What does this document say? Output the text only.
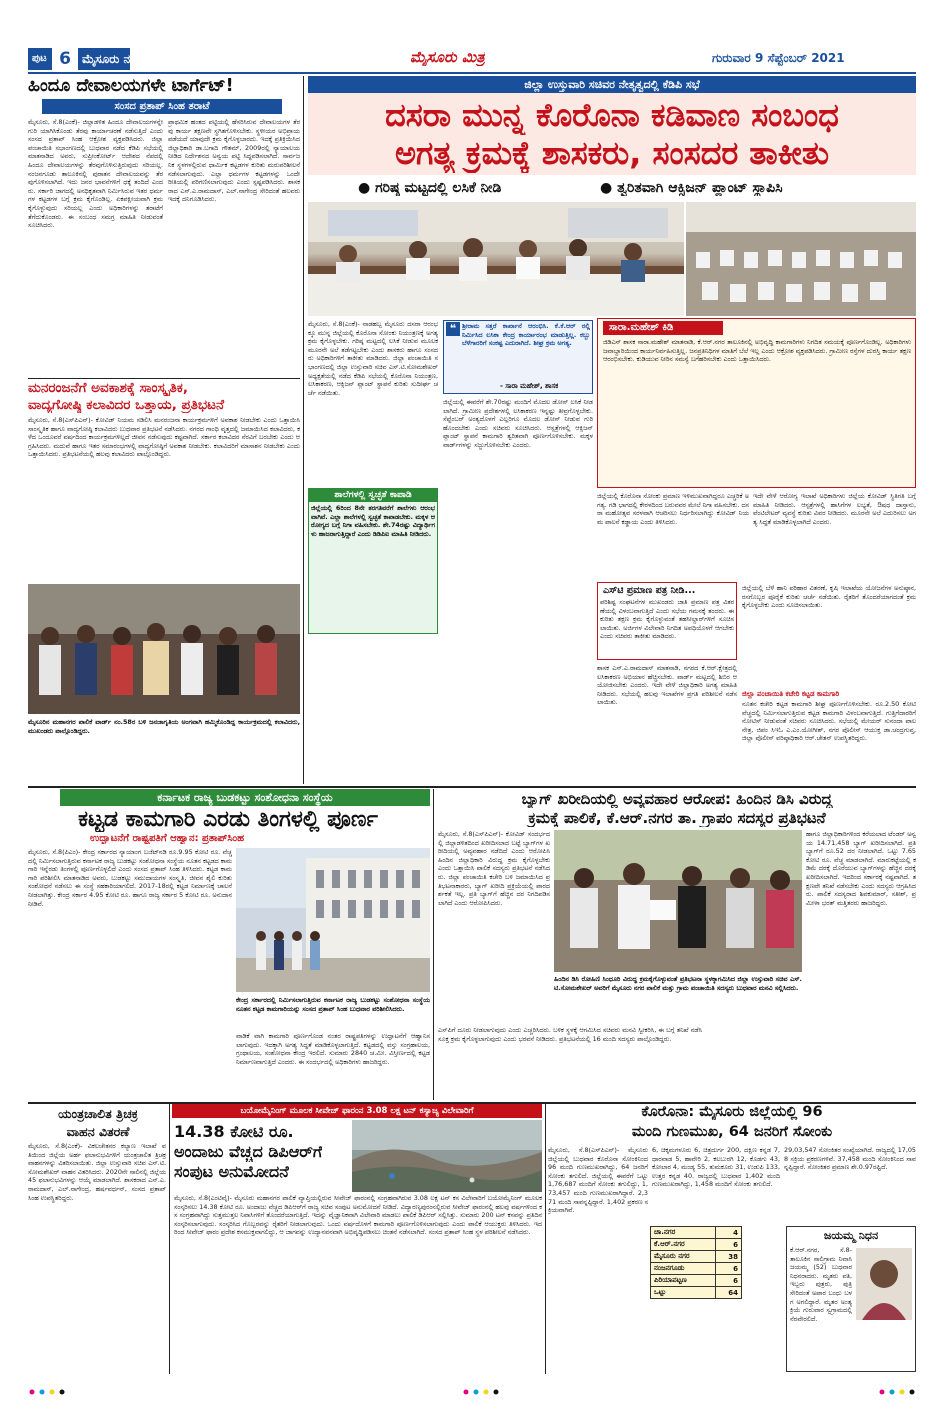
ಪುಟ 6 ಮೈಸೂರು ನಗರ	ಮೈಸೂರು ಮಿತ್ರ	ಗುರುವಾರ 9 ಸೆಪ್ಟೆಂಬರ್ 2021
ಹಿಂದೂ ದೇವಾಲಯಗಳೇ ಟಾರ್ಗೆಟ್!
ಸಂಸದ ಪ್ರತಾಪ್ ಸಿಂಹ ತರಾಟೆ
ಮೈಸೂರು, ಸೆ.8(ಎಂಕೆ)- ಜಿಲ್ಲಾಡಳಿತ ಹಿಂದೂ ದೇವಾಲಯಗಳನ್ನೇ ಗುರಿ ಯಾಗಿಸಿಕೊಂಡು ತೆರವು ಕಾರ್ಯಾಚರಣೆ ನಡೆಸುತ್ತಿದೆ ಎಂದು ಸಂಸದ ಪ್ರತಾಪ್ ಸಿಂಹ ಆಕ್ರೋಶ ವ್ಯಕ್ತಪಡಿಸಿದರು. ಜಿಲ್ಲಾ ಪಂಚಾಯಿತಿ ಸಭಾಂಗಣದಲ್ಲಿ ಬುಧವಾರ ನಡೆದ ಕೆಡಿಪಿ ಸಭೆಯಲ್ಲಿ ಮಾತನಾಡಿದ ಅವರು, ಸುಪ್ರೀಂಕೋರ್ಟ್ ಆದೇಶದ ನೆಪದಲ್ಲಿ ಹಿಂದೂ ದೇವಾಲಯಗಳನ್ನು ತೆರವುಗೊಳಿಸುತ್ತಿರುವುದು ಸರಿಯಲ್ಲ. ನಂಜನಗೂಡು ತಾಲೂಕಿನಲ್ಲಿ ಪುರಾತನ ದೇವಾಲಯವನ್ನು ತೆರವುಗೊಳಿಸಲಾಗಿದೆ. ಇದು ಜನರ ಭಾವನೆಗಳಿಗೆ ಧಕ್ಕೆ ತಂದಿದೆ ಎಂದರು. ಸರ್ಕಾರಿ ಜಾಗದಲ್ಲಿ ಅನಧಿಕೃತವಾಗಿ ನಿರ್ಮಿಸಿರುವ ಇತರ ಧರ್ಮಗಳ ಕಟ್ಟಡಗಳ ಬಗ್ಗೆ ಕ್ರಮ ಕೈಗೊಂಡಿಲ್ಲ. ಏಕಪಕ್ಷೀಯವಾಗಿ ಕ್ರಮ ಕೈಗೊಳ್ಳುವುದು ಸರಿಯಲ್ಲ ಎಂದು ಅಧಿಕಾರಿಗಳನ್ನು ತರಾಟೆಗೆ ತೆಗೆದುಕೊಂಡರು. ಈ ಸಂಬಂಧ ಸಮಗ್ರ ಮಾಹಿತಿ ನೀಡುವಂತೆ ಸೂಚಿಸಿದರು.
ಪ್ರಾಥಮಿಕ ಹಂತದ ಪಟ್ಟಿಯಲ್ಲಿ ಹೆಸರಿಸಿರುವ ದೇವಾಲಯಗಳ ತೆರವು ಕಾರ್ಯ ತಕ್ಷಣವೇ ಸ್ಥಗಿತಗೊಳಿಸಬೇಕು. ಸ್ಥಳೀಯರ ಅಭಿಪ್ರಾಯ ಪಡೆಯದೆ ಯಾವುದೇ ಕ್ರಮ ಕೈಗೊಳ್ಳಬಾರದು. ಇದಕ್ಕೆ ಪ್ರತಿಕ್ರಿಯಿಸಿದ ಜಿಲ್ಲಾಧಿಕಾರಿ ಡಾ.ಬಗಾದಿ ಗೌತಮ್, 2009ರಲ್ಲಿ ನ್ಯಾಯಾಲಯ ನೀಡಿದ ನಿರ್ದೇಶನದ ಅನ್ವಯ ಪಟ್ಟಿ ಸಿದ್ಧಪಡಿಸಲಾಗಿದೆ. ಸಾರ್ವಜನಿಕ ಸ್ಥಳಗಳಲ್ಲಿರುವ ಧಾರ್ಮಿಕ ಕಟ್ಟಡಗಳ ಕುರಿತು ಮರುಪರಿಶೀಲನೆ ನಡೆಸಲಾಗುವುದು. ಎಲ್ಲಾ ಧರ್ಮಗಳ ಕಟ್ಟಡಗಳನ್ನು ಒಂದೇ ರೀತಿಯಲ್ಲಿ ಪರಿಗಣಿಸಲಾಗುವುದು ಎಂದು ಸ್ಪಷ್ಟಪಡಿಸಿದರು. ಶಾಸಕರಾದ ಎಸ್.ಎ.ರಾಮದಾಸ್, ಎಲ್.ನಾಗೇಂದ್ರ ಸೇರಿದಂತೆ ಹಲವರು ಇದಕ್ಕೆ ದನಿಗೂಡಿಸಿದರು.
ಜಿಲ್ಲಾ ಉಸ್ತುವಾರಿ ಸಚಿವರ ನೇತೃತ್ವದಲ್ಲಿ ಕೆಡಿಪಿ ಸಭೆ
ದಸರಾ ಮುನ್ನ ಕೊರೊನಾ ಕಡಿವಾಣ ಸಂಬಂಧ
ಅಗತ್ಯ ಕ್ರಮಕ್ಕೆ ಶಾಸಕರು, ಸಂಸದರ ತಾಕೀತು
● ಗರಿಷ್ಠ ಮಟ್ಟದಲ್ಲಿ ಲಸಿಕೆ ನೀಡಿ	● ತ್ವರಿತವಾಗಿ ಆಕ್ಸಿಜನ್ ಪ್ಲಾಂಟ್ ಸ್ಥಾಪಿಸಿ
ಮೈಸೂರು, ಸೆ.8(ಎಂಕೆ)- ನಾಡಹಬ್ಬ ಮೈಸೂರು ದಸರಾ ಆರಂಭಕ್ಕೂ ಮುನ್ನ ಜಿಲ್ಲೆಯಲ್ಲಿ ಕೊರೊನಾ ಸೋಂಕು ನಿಯಂತ್ರಣಕ್ಕೆ ಅಗತ್ಯ ಕ್ರಮ ಕೈಗೊಳ್ಳಬೇಕು. ಗರಿಷ್ಠ ಮಟ್ಟದಲ್ಲಿ ಲಸಿಕೆ ನೀಡುವ ಮೂಲಕ ಮೂರನೇ ಅಲೆ ತಡೆಗಟ್ಟಬೇಕು ಎಂದು ಶಾಸಕರು ಹಾಗೂ ಸಂಸದರು ಅಧಿಕಾರಿಗಳಿಗೆ ತಾಕೀತು ಮಾಡಿದರು. ಜಿಲ್ಲಾ ಪಂಚಾಯಿತಿ ಸಭಾಂಗಣದಲ್ಲಿ ಜಿಲ್ಲಾ ಉಸ್ತುವಾರಿ ಸಚಿವ ಎಸ್.ಟಿ.ಸೋಮಶೇಖರ್ ಅಧ್ಯಕ್ಷತೆಯಲ್ಲಿ ನಡೆದ ಕೆಡಿಪಿ ಸಭೆಯಲ್ಲಿ ಕೊರೊನಾ ನಿಯಂತ್ರಣ, ಲಸಿಕಾಕರಣ, ಆಕ್ಸಿಜನ್ ಪ್ಲಾಂಟ್ ಸ್ಥಾಪನೆ ಕುರಿತು ಸುದೀರ್ಘ ಚರ್ಚೆ ನಡೆಯಿತು.
ಜಿಲ್ಲೆಯಲ್ಲಿ ಈವರೆಗೆ ಶೇ.70ರಷ್ಟು ಮಂದಿಗೆ ಮೊದಲ ಡೋಸ್ ಲಸಿಕೆ ನೀಡಲಾಗಿದೆ. ಗ್ರಾಮೀಣ ಪ್ರದೇಶಗಳಲ್ಲಿ ಲಸಿಕಾಕರಣ ಇನ್ನಷ್ಟು ತೀವ್ರಗೊಳ್ಳಬೇಕು. ಸೆಪ್ಟೆಂಬರ್ ಅಂತ್ಯದೊಳಗೆ ಎಲ್ಲರಿಗೂ ಮೊದಲ ಡೋಸ್ ನೀಡುವ ಗುರಿ ಹೊಂದಬೇಕು ಎಂದು ಸಚಿವರು ಸೂಚಿಸಿದರು. ಆಸ್ಪತ್ರೆಗಳಲ್ಲಿ ಆಕ್ಸಿಜನ್ ಪ್ಲಾಂಟ್ ಸ್ಥಾಪನೆ ಕಾಮಗಾರಿ ತ್ವರಿತವಾಗಿ ಪೂರ್ಣಗೊಳಿಸಬೇಕು. ಮಕ್ಕಳ ವಾರ್ಡ್‌ಗಳನ್ನು ಸಜ್ಜುಗೊಳಿಸಬೇಕು ಎಂದರು.
❝ ಶ್ರೀರಾಮ ಸತ್ತರೆ ಕಾರ್ಖಾನೆ ಆರಂಭಿಸಿ. ಕೆ.ಕೆ.ಆರ್ ರಲ್ಲಿ ನಿರ್ಮಿಸಿದ ಲಸಿಕಾ ಕೇಂದ್ರ ಕಾರ್ಯಾರಂಭ ಮಾಡುತ್ತಿಲ್ಲ. ಕಬ್ಬು ಬೆಳೆಗಾರರಿಗೆ ಸಂಕಷ್ಟ ಎದುರಾಗಿದೆ. ಶೀಘ್ರ ಕ್ರಮ ಅಗತ್ಯ.
- ಸಾರಾ ಮಹೇಶ್, ಶಾಸಕ
ಸಾರಾ.ಮಹೇಶ್ ಕಿಡಿ
ಜಿಡಿಎಸ್ ಶಾಸಕ ಸಾರಾ.ಮಹೇಶ್ ಮಾತನಾಡಿ, ಕೆ.ಆರ್.ನಗರ ತಾಲೂಕಿನಲ್ಲಿ ಅಭಿವೃದ್ಧಿ ಕಾಮಗಾರಿಗಳು ನಿಗದಿತ ಸಮಯಕ್ಕೆ ಪೂರ್ಣಗೊಂಡಿಲ್ಲ. ಅಧಿಕಾರಿಗಳು ಜವಾಬ್ದಾರಿಯಿಂದ ಕಾರ್ಯನಿರ್ವಹಿಸುತ್ತಿಲ್ಲ. ಜನಪ್ರತಿನಿಧಿಗಳ ಮಾತಿಗೆ ಬೆಲೆ ಇಲ್ಲ ಎಂದು ಆಕ್ರೋಶ ವ್ಯಕ್ತಪಡಿಸಿದರು. ಗ್ರಾಮೀಣ ರಸ್ತೆಗಳ ದುರಸ್ತಿ ಕಾರ್ಯ ತಕ್ಷಣ ಆರಂಭಿಸಬೇಕು. ಕುಡಿಯುವ ನೀರಿನ ಸಮಸ್ಯೆ ಬಗೆಹರಿಸಬೇಕು ಎಂದು ಒತ್ತಾಯಿಸಿದರು.
ಶಾಲೆಗಳಲ್ಲಿ ಸ್ವಚ್ಛತೆ ಕಾಪಾಡಿ
ಜಿಲ್ಲೆಯಲ್ಲಿ 6ರಿಂದ 8ನೇ ತರಗತಿವರೆಗೆ ಶಾಲೆಗಳು ಆರಂಭವಾಗಿವೆ. ಎಲ್ಲಾ ಶಾಲೆಗಳಲ್ಲಿ ಸ್ವಚ್ಛತೆ ಕಾಪಾಡಬೇಕು. ಮಕ್ಕಳ ಆರೋಗ್ಯದ ಬಗ್ಗೆ ನಿಗಾ ವಹಿಸಬೇಕು. ಶೇ.74ರಷ್ಟು ವಿದ್ಯಾರ್ಥಿಗಳು ಹಾಜರಾಗುತ್ತಿದ್ದಾರೆ ಎಂದು ಡಿಡಿಪಿಐ ಮಾಹಿತಿ ನೀಡಿದರು.
ಜಿಲ್ಲೆಯಲ್ಲಿ ಕೊರೊನಾ ಸೋಂಕು ಪ್ರಮಾಣ ಇಳಿಮುಖವಾಗಿದ್ದರೂ ಎಚ್ಚರಿಕೆ ಅಗತ್ಯ. ಗಡಿ ಭಾಗದಲ್ಲಿ ಕೇರಳದಿಂದ ಬರುವವರ ಮೇಲೆ ನಿಗಾ ವಹಿಸಬೇಕು. ದಸರಾ ಮಹೋತ್ಸವ ಸರಳವಾಗಿ ಆಚರಿಸಲು ನಿರ್ಧರಿಸಲಾಗಿದ್ದು ಕೋವಿಡ್ ನಿಯಮ ಪಾಲನೆ ಕಡ್ಡಾಯ ಎಂದು ತಿಳಿಸಿದರು.
ಇದೇ ವೇಳೆ ಆರೋಗ್ಯ ಇಲಾಖೆ ಅಧಿಕಾರಿಗಳು ಜಿಲ್ಲೆಯ ಕೋವಿಡ್ ಸ್ಥಿತಿಗತಿ ಬಗ್ಗೆ ಮಾಹಿತಿ ನೀಡಿದರು. ಆಸ್ಪತ್ರೆಗಳಲ್ಲಿ ಹಾಸಿಗೆಗಳ ಲಭ್ಯತೆ, ಔಷಧ ದಾಸ್ತಾನು, ವೆಂಟಿಲೇಟರ್ ವ್ಯವಸ್ಥೆ ಕುರಿತು ವಿವರ ನೀಡಿದರು. ಮೂರನೇ ಅಲೆ ಎದುರಿಸಲು ಅಗತ್ಯ ಸಿದ್ಧತೆ ಮಾಡಿಕೊಳ್ಳಲಾಗಿದೆ ಎಂದರು.
ಎಸ್‌ಟಿ ಪ್ರಮಾಣ ಪತ್ರ ನೀಡಿ...
ಪರಿಶಿಷ್ಟ ಸಂಘಟನೆಗಳ ಮುಖಂಡರು ಜಾತಿ ಪ್ರಮಾಣ ಪತ್ರ ವಿತರಣೆಯಲ್ಲಿ ವಿಳಂಬವಾಗುತ್ತಿದೆ ಎಂದು ಸಭೆಯ ಗಮನಕ್ಕೆ ತಂದರು. ಈ ಕುರಿತು ತಕ್ಷಣ ಕ್ರಮ ಕೈಗೊಳ್ಳುವಂತೆ ತಹಸೀಲ್ದಾರ್‌ಗಳಿಗೆ ಸೂಚಿಸಲಾಯಿತು. ಅರ್ಜಿಗಳ ವಿಲೇವಾರಿ ನಿಗದಿತ ಅವಧಿಯೊಳಗೆ ಆಗಬೇಕು ಎಂದು ಸಚಿವರು ತಾಕೀತು ಮಾಡಿದರು.
ಶಾಸಕ ಎಸ್.ಎ.ರಾಮದಾಸ್ ಮಾತನಾಡಿ, ನಗರದ ಕೆ.ಆರ್.ಕ್ಷೇತ್ರದಲ್ಲಿ ಲಸಿಕಾಕರಣ ಅಭಿಯಾನ ಹೆಚ್ಚಿಸಬೇಕು. ವಾರ್ಡ್ ಮಟ್ಟದಲ್ಲಿ ಶಿಬಿರ ಆಯೋಜಿಸಬೇಕು ಎಂದರು. ಇದೇ ವೇಳೆ ಜಿಲ್ಲಾಧಿಕಾರಿ ಅಗತ್ಯ ಮಾಹಿತಿ ನೀಡಿದರು. ಸಭೆಯಲ್ಲಿ ಹಲವು ಇಲಾಖೆಗಳ ಪ್ರಗತಿ ಪರಿಶೀಲನೆ ನಡೆಸಲಾಯಿತು.
ಜಿಲ್ಲೆಯಲ್ಲಿ ಬೆಳೆ ಹಾನಿ ಪರಿಹಾರ ವಿತರಣೆ, ಕೃಷಿ ಇಲಾಖೆಯ ಯೋಜನೆಗಳ ಅನುಷ್ಠಾನ, ರಸಗೊಬ್ಬರ ಪೂರೈಕೆ ಕುರಿತು ಚರ್ಚೆ ನಡೆಯಿತು. ರೈತರಿಗೆ ತೊಂದರೆಯಾಗದಂತೆ ಕ್ರಮ ಕೈಗೊಳ್ಳಬೇಕು ಎಂದು ಸೂಚಿಸಲಾಯಿತು.
ಜಿಲ್ಲಾ ಪಂಚಾಯಿತಿ ಕಚೇರಿ ಕಟ್ಟಡ ಕಾಮಗಾರಿ
ನೂತನ ಕಚೇರಿ ಕಟ್ಟಡ ಕಾಮಗಾರಿ ಶೀಘ್ರ ಪೂರ್ಣಗೊಳಿಸಬೇಕು. ರೂ.2.50 ಕೋಟಿ ವೆಚ್ಚದಲ್ಲಿ ನಿರ್ಮಿಸಲಾಗುತ್ತಿರುವ ಕಟ್ಟಡ ಕಾಮಗಾರಿ ವಿಳಂಬವಾಗುತ್ತಿದೆ. ಗುತ್ತಿಗೆದಾರರಿಗೆ ನೋಟಿಸ್ ನೀಡುವಂತೆ ಸಚಿವರು ಸೂಚಿಸಿದರು. ಸಭೆಯಲ್ಲಿ ಮೇಯರ್ ಸುನಂದಾ ಪಾಲನೇತ್ರ, ಜಿಪಂ ಸಿಇಓ ಎ.ಎಂ.ಯೋಗೀಶ್, ನಗರ ಪೊಲೀಸ್ ಆಯುಕ್ತ ಡಾ.ಚಂದ್ರಗುಪ್ತ, ಜಿಲ್ಲಾ ಪೊಲೀಸ್ ವರಿಷ್ಠಾಧಿಕಾರಿ ಆರ್.ಚೇತನ್ ಉಪಸ್ಥಿತರಿದ್ದರು.
ಮನರಂಜನೆಗೆ ಅವಕಾಶಕ್ಕೆ ಸಾಂಸ್ಕೃತಿಕ,
ವಾದ್ಯಗೋಷ್ಠಿ ಕಲಾವಿದರ ಒತ್ತಾಯ, ಪ್ರತಿಭಟನೆ
ಮೈಸೂರು, ಸೆ.8(ಎಸ್‌ಪಿಎನ್)- ಕೋವಿಡ್ ನಿಯಮ ಸಡಿಲಿಸಿ ಮನರಂಜನಾ ಕಾರ್ಯಕ್ರಮಗಳಿಗೆ ಅವಕಾಶ ನೀಡಬೇಕು ಎಂದು ಒತ್ತಾಯಿಸಿ ಸಾಂಸ್ಕೃತಿಕ ಹಾಗೂ ವಾದ್ಯಗೋಷ್ಠಿ ಕಲಾವಿದರು ಬುಧವಾರ ಪ್ರತಿಭಟನೆ ನಡೆಸಿದರು. ನಗರದ ಗಾಂಧಿ ವೃತ್ತದಲ್ಲಿ ಜಮಾಯಿಸಿದ ಕಲಾವಿದರು, ಕಳೆದ ಒಂದೂವರೆ ವರ್ಷದಿಂದ ಕಾರ್ಯಕ್ರಮಗಳಿಲ್ಲದೆ ಜೀವನ ನಡೆಸುವುದು ಕಷ್ಟವಾಗಿದೆ. ಸರ್ಕಾರ ಕಲಾವಿದರ ನೆರವಿಗೆ ಬರಬೇಕು ಎಂದು ಆಗ್ರಹಿಸಿದರು. ಮದುವೆ ಹಾಗೂ ಇತರ ಸಮಾರಂಭಗಳಲ್ಲಿ ವಾದ್ಯಗೋಷ್ಠಿಗೆ ಅವಕಾಶ ನೀಡಬೇಕು. ಕಲಾವಿದರಿಗೆ ಮಾಸಾಶನ ನೀಡಬೇಕು ಎಂದು ಒತ್ತಾಯಿಸಿದರು. ಪ್ರತಿಭಟನೆಯಲ್ಲಿ ಹಲವು ಕಲಾವಿದರು ಪಾಲ್ಗೊಂಡಿದ್ದರು.
ಮೈಸೂರಿನ ಮಹಾನಗರ ಪಾಲಿಕೆ ವಾರ್ಡ್ ನಂ.58ರ ಬಳಿ ಜನಜಾಗೃತಿಯ ಅಂಗವಾಗಿ ಹಮ್ಮಿಕೊಂಡಿದ್ದ ಕಾರ್ಯಕ್ರಮದಲ್ಲಿ ಕಲಾವಿದರು, ಮುಖಂಡರು ಪಾಲ್ಗೊಂಡಿದ್ದರು.
ಕರ್ನಾಟಕ ರಾಜ್ಯ ಬುಡಕಟ್ಟು ಸಂಶೋಧನಾ ಸಂಸ್ಥೆಯ
ಕಟ್ಟಡ ಕಾಮಗಾರಿ ಎರಡು ತಿಂಗಳಲ್ಲಿ ಪೂರ್ಣ
ಉದ್ಘಾಟನೆಗೆ ರಾಷ್ಟ್ರಪತಿಗೆ ಆಹ್ವಾನ: ಪ್ರತಾಪ್‌ಸಿಂಹ
ಮೈಸೂರು, ಸೆ.8(ಪಿಎಂ)- ಕೇಂದ್ರ ಸರ್ಕಾರದ ನ್ಯಾಯಾಂಗ ಬಜೆಟ್‌ನಡಿ ರೂ.9.95 ಕೋಟಿ ರೂ. ವೆಚ್ಚದಲ್ಲಿ ನಿರ್ಮಿಸಲಾಗುತ್ತಿರುವ ಕರ್ನಾಟಕ ರಾಜ್ಯ ಬುಡಕಟ್ಟು ಸಂಶೋಧನಾ ಸಂಸ್ಥೆಯ ನೂತನ ಕಟ್ಟಡದ ಕಾಮಗಾರಿ ಇನ್ನೆರಡು ತಿಂಗಳಲ್ಲಿ ಪೂರ್ಣಗೊಳ್ಳಲಿದೆ ಎಂದು ಸಂಸದ ಪ್ರತಾಪ್ ಸಿಂಹ ತಿಳಿಸಿದರು. ಕಟ್ಟಡ ಕಾಮಗಾರಿ ಪರಿಶೀಲಿಸಿ ಮಾತನಾಡಿದ ಅವರು, ಬುಡಕಟ್ಟು ಸಮುದಾಯಗಳ ಸಂಸ್ಕೃತಿ, ಜೀವನ ಶೈಲಿ ಕುರಿತು ಸಂಶೋಧನೆ ನಡೆಸಲು ಈ ಸಂಸ್ಥೆ ಸಹಕಾರಿಯಾಗಲಿದೆ. 2017-18ರಲ್ಲಿ ಕಟ್ಟಡ ನಿರ್ಮಾಣಕ್ಕೆ ಚಾಲನೆ ನೀಡಲಾಗಿತ್ತು. ಕೇಂದ್ರ ಸರ್ಕಾರ 4.95 ಕೋಟಿ ರೂ. ಹಾಗೂ ರಾಜ್ಯ ಸರ್ಕಾರ 5 ಕೋಟಿ ರೂ. ಅನುದಾನ ನೀಡಿವೆ.
ಕೇಂದ್ರ ಸರ್ಕಾರದಲ್ಲಿ ನಿರ್ಮಿಸಲಾಗುತ್ತಿರುವ ಕರ್ನಾಟಕ ರಾಜ್ಯ ಬುಡಕಟ್ಟು ಸಂಶೋಧನಾ ಸಂಸ್ಥೆಯ ನೂತನ ಕಟ್ಟಡ ಕಾಮಗಾರಿಯನ್ನು ಸಂಸದ ಪ್ರತಾಪ್ ಸಿಂಹ ಬುಧವಾರ ಪರಿಶೀಲಿಸಿದರು.
ವಾಡಿಕೆ ವಾಗಿ ಕಾಮಗಾರಿ ಪೂರ್ಣಗೊಂಡ ನಂತರ ರಾಷ್ಟ್ರಪತಿಗಳನ್ನು ಉದ್ಘಾಟನೆಗೆ ಆಹ್ವಾನಿಸಲಾಗುವುದು. ಇದಕ್ಕಾಗಿ ಅಗತ್ಯ ಸಿದ್ಧತೆ ಮಾಡಿಕೊಳ್ಳಲಾಗುತ್ತಿದೆ. ಕಟ್ಟಡದಲ್ಲಿ ವಸ್ತು ಸಂಗ್ರಹಾಲಯ, ಗ್ರಂಥಾಲಯ, ಸಂಶೋಧನಾ ಕೇಂದ್ರ ಇರಲಿದೆ. ಸುಮಾರು 2840 ಚ.ಮೀ. ವಿಸ್ತೀರ್ಣದಲ್ಲಿ ಕಟ್ಟಡ ನಿರ್ಮಾಣವಾಗುತ್ತಿದೆ ಎಂದರು. ಈ ಸಂದರ್ಭದಲ್ಲಿ ಅಧಿಕಾರಿಗಳು ಹಾಜರಿದ್ದರು.
ಬ್ಯಾಗ್ ಖರೀದಿಯಲ್ಲಿ ಅವ್ಯವಹಾರ ಆರೋಪ: ಹಿಂದಿನ ಡಿಸಿ ವಿರುದ್ಧ
ಕ್ರಮಕ್ಕೆ ಪಾಲಿಕೆ, ಕೆ.ಆರ್.ನಗರ ತಾ. ಗ್ರಾಪಂ ಸದಸ್ಯರ ಪ್ರತಿಭಟನೆ
ಮೈಸೂರು, ಸೆ.8(ಎಸ್‌ಪಿಎನ್)- ಕೋವಿಡ್ ಸಂದರ್ಭದಲ್ಲಿ ಜಿಲ್ಲಾಡಳಿತದಿಂದ ಖರೀದಿಸಲಾದ ಬಟ್ಟೆ ಬ್ಯಾಗ್‌ಗಳ ಖರೀದಿಯಲ್ಲಿ ಅವ್ಯವಹಾರ ನಡೆದಿದೆ ಎಂದು ಆರೋಪಿಸಿ ಹಿಂದಿನ ಜಿಲ್ಲಾಧಿಕಾರಿ ವಿರುದ್ಧ ಕ್ರಮ ಕೈಗೊಳ್ಳಬೇಕು ಎಂದು ಒತ್ತಾಯಿಸಿ ಪಾಲಿಕೆ ಸದಸ್ಯರು ಪ್ರತಿಭಟನೆ ನಡೆಸಿದರು. ಜಿಲ್ಲಾ ಪಂಚಾಯಿತಿ ಕಚೇರಿ ಬಳಿ ಜಮಾಯಿಸಿದ ಪ್ರತಿಭಟನಾಕಾರರು, ಬ್ಯಾಗ್ ಖರೀದಿ ಪ್ರಕ್ರಿಯೆಯಲ್ಲಿ ಪಾರದರ್ಶಕತೆ ಇಲ್ಲ. ಪ್ರತಿ ಬ್ಯಾಗ್‌ಗೆ ಹೆಚ್ಚಿನ ದರ ನಿಗದಿಪಡಿಸಲಾಗಿದೆ ಎಂದು ಆರೋಪಿಸಿದರು.
ಹಿಂದಿನ ಡಿಸಿ ರೋಹಿಣಿ ಸಿಂಧೂರಿ ವಿರುದ್ಧ ಕ್ರಮಕೈಗೊಳ್ಳುವಂತೆ ಪ್ರತಿಭಟನಾ ಸ್ಥಳಕ್ಕಾಗಮಿಸಿದ ಜಿಲ್ಲಾ ಉಸ್ತುವಾರಿ ಸಚಿವ ಎಸ್.ಟಿ.ಸೋಮಶೇಖರ್ ಅವರಿಗೆ ಮೈಸೂರು ನಗರ ಪಾಲಿಕೆ ಮತ್ತು ಗ್ರಾಮ ಪಂಚಾಯಿತಿ ಸದಸ್ಯರು ಬುಧವಾರ ಮನವಿ ಸಲ್ಲಿಸಿದರು.
ಎಸ್‌ಪಿಗೆ ದೂರು ನೀಡಲಾಗುವುದು ಎಂದು ಎಚ್ಚರಿಸಿದರು. ಬಳಿಕ ಸ್ಥಳಕ್ಕೆ ಆಗಮಿಸಿದ ಸಚಿವರು ಮನವಿ ಸ್ವೀಕರಿಸಿ, ಈ ಬಗ್ಗೆ ತನಿಖೆ ನಡೆಸಿ ಸೂಕ್ತ ಕ್ರಮ ಕೈಗೊಳ್ಳಲಾಗುವುದು ಎಂದು ಭರವಸೆ ನೀಡಿದರು. ಪ್ರತಿಭಟನೆಯಲ್ಲಿ 16 ಮಂದಿ ಸದಸ್ಯರು ಪಾಲ್ಗೊಂಡಿದ್ದರು.
ಹಾಗೂ ಜಿಲ್ಲಾಧಿಕಾರಿಗಳಿಂದ ಕರೆಯಲಾದ ಟೆಂಡರ್ ಅನ್ವಯ 14.71,458 ಬ್ಯಾಗ್ ಖರೀದಿಸಲಾಗಿದೆ. ಪ್ರತಿ ಬ್ಯಾಗ್‌ಗೆ ರೂ.52 ದರ ನೀಡಲಾಗಿದೆ. ಒಟ್ಟು 7.65 ಕೋಟಿ ರೂ. ವೆಚ್ಚ ಮಾಡಲಾಗಿದೆ. ಮಾರುಕಟ್ಟೆಯಲ್ಲಿ ಕಡಿಮೆ ದರಕ್ಕೆ ದೊರೆಯುವ ಬ್ಯಾಗ್‌ಗಳನ್ನು ಹೆಚ್ಚಿನ ದರಕ್ಕೆ ಖರೀದಿಸಲಾಗಿದೆ. ಇದರಿಂದ ಸರ್ಕಾರಕ್ಕೆ ನಷ್ಟವಾಗಿದೆ. ತಕ್ಷಣವೇ ತನಿಖೆ ನಡೆಸಬೇಕು ಎಂದು ಸದಸ್ಯರು ಆಗ್ರಹಿಸಿದರು. ಪಾಲಿಕೆ ಸದಸ್ಯರಾದ ಶಿವಕುಮಾರ್, ಸತೀಶ್, ಪ್ರಮೀಳಾ ಭರತ್ ಮತ್ತಿತರರು ಹಾಜರಿದ್ದರು.
ಯಂತ್ರಚಾಲಿತ ತ್ರಿಚಕ್ರ
ವಾಹನ ವಿತರಣೆ
ಮೈಸೂರು, ಸೆ.8(ಎಂಕೆ)- ವಿಕಲಚೇತನರ ಕಲ್ಯಾಣ ಇಲಾಖೆ ವತಿಯಿಂದ ಜಿಲ್ಲೆಯ ಅರ್ಹ ಫಲಾನುಭವಿಗಳಿಗೆ ಯಂತ್ರಚಾಲಿತ ತ್ರಿಚಕ್ರ ವಾಹನಗಳನ್ನು ವಿತರಿಸಲಾಯಿತು. ಜಿಲ್ಲಾ ಉಸ್ತುವಾರಿ ಸಚಿವ ಎಸ್.ಟಿ.ಸೋಮಶೇಖರ್ ವಾಹನ ವಿತರಿಸಿದರು. 2020ನೇ ಸಾಲಿನಲ್ಲಿ ಜಿಲ್ಲೆಯ 45 ಫಲಾನುಭವಿಗಳನ್ನು ಆಯ್ಕೆ ಮಾಡಲಾಗಿದೆ. ಶಾಸಕರಾದ ಎಸ್.ಎ.ರಾಮದಾಸ್, ಎಲ್.ನಾಗೇಂದ್ರ, ಹರ್ಷವರ್ಧನ್, ಸಂಸದ ಪ್ರತಾಪ್ ಸಿಂಹ ಉಪಸ್ಥಿತರಿದ್ದರು.
ಬಯೋಮೈನಿಂಗ್ ಮೂಲಕ ಸೀವೇಜ್ ಫಾರಂನ 3.08 ಲಕ್ಷ ಟನ್ ಕಸ್ಯಾಜ್ಯ ವಿಲೇವಾರಿಗೆ
14.38 ಕೋಟಿ ರೂ.
ಅಂದಾಜು ವೆಚ್ಚದ ಡಿಪಿಆರ್‌ಗೆ
ಸಂಪುಟ ಅನುಮೋದನೆ
ಮೈಸೂರು, ಸೆ.8(ಎಂಟಿವೈ)- ಮೈಸೂರು ಮಹಾನಗರ ಪಾಲಿಕೆ ವ್ಯಾಪ್ತಿಯಲ್ಲಿರುವ ಸೀವೇಜ್ ಫಾರಂನಲ್ಲಿ ಸಂಗ್ರಹವಾಗಿರುವ 3.08 ಲಕ್ಷ ಟನ್ ಕಸ ವಿಲೇವಾರಿಗೆ ಬಯೋಮೈನಿಂಗ್ ಮೂಲಕ ಸಂಸ್ಕರಿಸಲು 14.38 ಕೋಟಿ ರೂ. ಅಂದಾಜು ವೆಚ್ಚದ ಡಿಪಿಆರ್‌ಗೆ ರಾಜ್ಯ ಸಚಿವ ಸಂಪುಟ ಅನುಮೋದನೆ ನೀಡಿದೆ. ವಿದ್ಯಾರಣ್ಯಪುರಂನಲ್ಲಿರುವ ಸೀವೇಜ್ ಫಾರಂನಲ್ಲಿ ಹಲವು ವರ್ಷಗಳಿಂದ ಕಸ ಸಂಗ್ರಹವಾಗಿದ್ದು ಸುತ್ತಮುತ್ತಲ ನಿವಾಸಿಗಳಿಗೆ ತೊಂದರೆಯಾಗುತ್ತಿದೆ. ಇದನ್ನು ವೈಜ್ಞಾನಿಕವಾಗಿ ವಿಲೇವಾರಿ ಮಾಡಲು ಪಾಲಿಕೆ ಡಿಪಿಆರ್ ಸಲ್ಲಿಸಿತ್ತು. ಸುಮಾರು 200 ಟನ್ ಕಸವನ್ನು ಪ್ರತಿದಿನ ಸಂಸ್ಕರಿಸಲಾಗುವುದು. ಸಂಸ್ಕರಿಸಿದ ಗೊಬ್ಬರವನ್ನು ರೈತರಿಗೆ ನೀಡಲಾಗುವುದು. ಒಂದು ವರ್ಷದೊಳಗೆ ಕಾಮಗಾರಿ ಪೂರ್ಣಗೊಳಿಸಲಾಗುವುದು ಎಂದು ಪಾಲಿಕೆ ಆಯುಕ್ತರು ತಿಳಿಸಿದರು. ಇದರಿಂದ ಸೀವೇಜ್ ಫಾರಂ ಪ್ರದೇಶ ಕಸಮುಕ್ತವಾಗಲಿದ್ದು, ಆ ಜಾಗವನ್ನು ಉದ್ಯಾನವನವಾಗಿ ಅಭಿವೃದ್ಧಿಪಡಿಸಲು ಚಿಂತನೆ ನಡೆಸಲಾಗಿದೆ. ಸಂಸದ ಪ್ರತಾಪ್ ಸಿಂಹ ಸ್ಥಳ ಪರಿಶೀಲನೆ ನಡೆಸಿದರು.
ಕೊರೊನಾ: ಮೈಸೂರು ಜಿಲ್ಲೆಯಲ್ಲಿ 96
ಮಂದಿ ಗುಣಮುಖ, 64 ಜನರಿಗೆ ಸೋಂಕು
ಮೈಸೂರು, ಸೆ.8(ಎಸ್‌ಪಿಎನ್)- ಮೈಸೂರು ಜಿಲ್ಲೆಯಲ್ಲಿ ಬುಧವಾರ ಕೊರೊನಾ ಸೋಂಕಿನಿಂದ 96 ಮಂದಿ ಗುಣಮುಖರಾಗಿದ್ದು, 64 ಜನರಿಗೆ ಸೋಂಕು ತಗುಲಿದೆ. ಜಿಲ್ಲೆಯಲ್ಲಿ ಈವರೆಗೆ ಒಟ್ಟು 1,76,687 ಮಂದಿಗೆ ಸೋಂಕು ತಗುಲಿದ್ದು, 1,73,457 ಮಂದಿ ಗುಣಮುಖರಾಗಿದ್ದಾರೆ. 2,371 ಮಂದಿ ಸಾವನ್ನಪ್ಪಿದ್ದಾರೆ. 1,402 ಪ್ರಕರಣ ಸಕ್ರಿಯವಾಗಿವೆ.
6, ಚಿಕ್ಕಮಗಳೂರು 6, ಚಿತ್ರದುರ್ಗ 200, ದಕ್ಷಿಣ ಕನ್ನಡ 7, ಧಾರವಾಡ 5, ಹಾವೇರಿ 2, ಕಲಬುರಗಿ 12, ಕೊಡಗು 43, ಕೋಲಾರ 4, ಮಂಡ್ಯ 55, ತುಮಕೂರು 31, ಉಡುಪಿ 133, ಉತ್ತರ ಕನ್ನಡ 40. ರಾಜ್ಯದಲ್ಲಿ ಬುಧವಾರ 1,402 ಮಂದಿ ಗುಣಮುಖರಾಗಿದ್ದು, 1,458 ಮಂದಿಗೆ ಸೋಂಕು ತಗುಲಿದೆ.
29,03,547 ಸೋಂಕಿತರ ಸಂಖ್ಯೆಯಾಗಿದೆ. ರಾಜ್ಯದಲ್ಲಿ 17,058 ಸಕ್ರಿಯ ಪ್ರಕರಣಗಳಿವೆ. 37,458 ಮಂದಿ ಸೋಂಕಿನಿಂದ ಸಾವನ್ನಪ್ಪಿದ್ದಾರೆ. ಸೋಂಕಿತರ ಪ್ರಮಾಣ ಶೇ.0.97ರಷ್ಟಿದೆ.
ಚಾ.ನಗರ	4
ಕೆ.ಆರ್.ನಗರ	6
ಮೈಸೂರು ನಗರ	38
ನಂಜನಗೂಡು	6
ಪಿರಿಯಾಪಟ್ಟಣ	6
ಒಟ್ಟು	64
ಜಯಮ್ಮ ನಿಧನ
ಕೆ.ಆರ್.ನಗರ, ಸೆ.8- ತಾಲೂಕಿನ ಸಾಲಿಗ್ರಾಮ ನಿವಾಸಿ ಜಯಮ್ಮ (52) ಬುಧವಾರ ನಿಧನರಾದರು. ಮೃತರು ಪತಿ, ಇಬ್ಬರು ಪುತ್ರರು, ಪುತ್ರಿ ಸೇರಿದಂತೆ ಅಪಾರ ಬಂಧು ಬಳಗ ಅಗಲಿದ್ದಾರೆ. ಮೃತರ ಅಂತ್ಯಕ್ರಿಯೆ ಗುರುವಾರ ಸ್ವಗ್ರಾಮದಲ್ಲಿ ನೆರವೇರಲಿದೆ.
